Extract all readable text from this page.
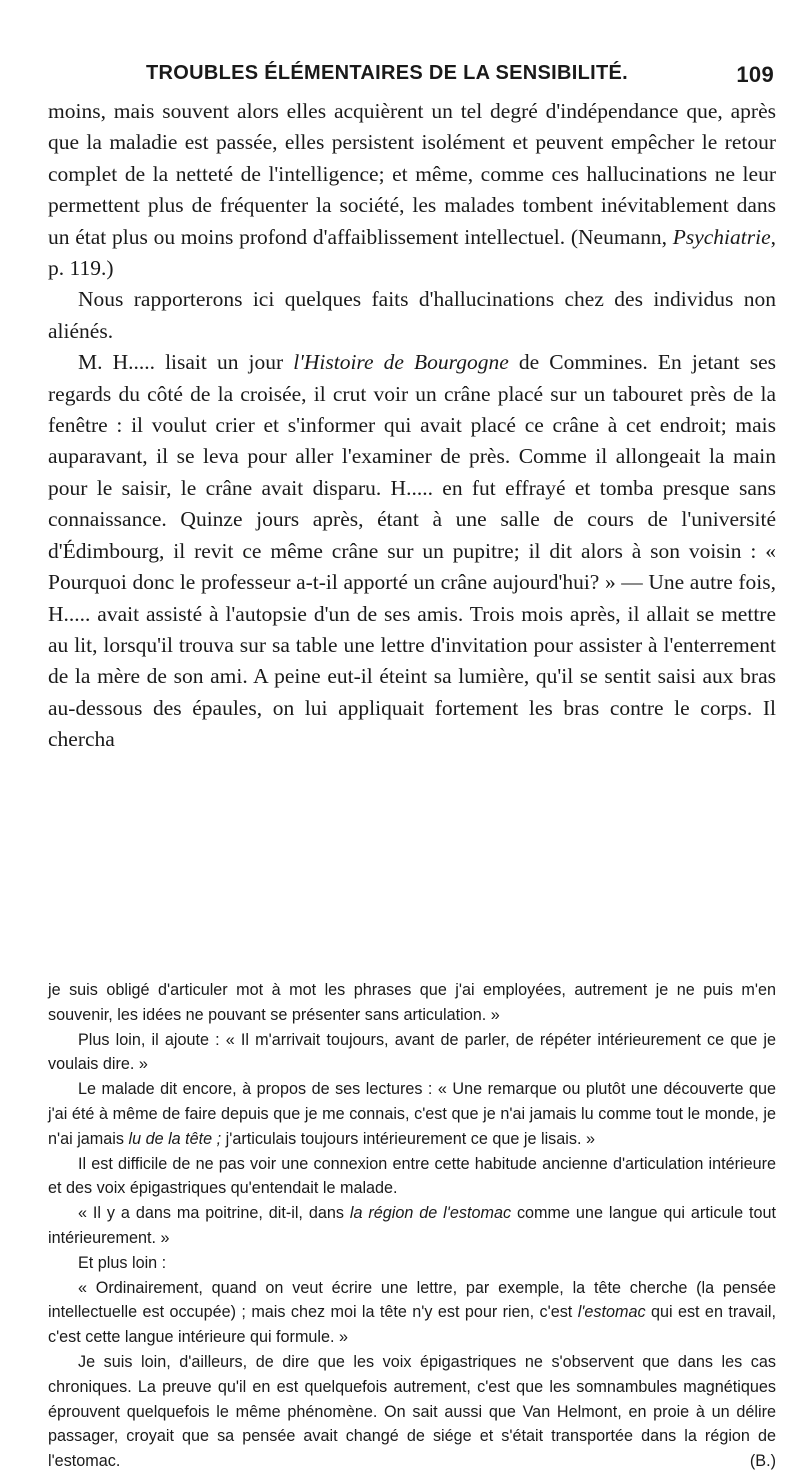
TROUBLES ÉLÉMENTAIRES DE LA SENSIBILITÉ.	109

moins, mais souvent alors elles acquièrent un tel degré d'indépendance que, après que la maladie est passée, elles persistent isolément et peuvent empêcher le retour complet de la netteté de l'intelligence; et même, comme ces hallucinations ne leur permettent plus de fréquenter la société, les malades tombent inévitablement dans un état plus ou moins profond d'affaiblissement intellectuel. (Neumann, Psychiatrie, p. 119.)

Nous rapporterons ici quelques faits d'hallucinations chez des individus non aliénés.

M. H..... lisait un jour l'Histoire de Bourgogne de Commines. En jetant ses regards du côté de la croisée, il crut voir un crâne placé sur un tabouret près de la fenêtre : il voulut crier et s'informer qui avait placé ce crâne à cet endroit; mais auparavant, il se leva pour aller l'examiner de près. Comme il allongeait la main pour le saisir, le crâne avait disparu. H..... en fut effrayé et tomba presque sans connaissance. Quinze jours après, étant à une salle de cours de l'université d'Édimbourg, il revit ce même crâne sur un pupitre; il dit alors à son voisin : « Pourquoi donc le professeur a-t-il apporté un crâne aujourd'hui? » — Une autre fois, H..... avait assisté à l'autopsie d'un de ses amis. Trois mois après, il allait se mettre au lit, lorsqu'il trouva sur sa table une lettre d'invitation pour assister à l'enterrement de la mère de son ami. A peine eut-il éteint sa lumière, qu'il se sentit saisi aux bras au-dessous des épaules, on lui appliquait fortement les bras contre le corps. Il chercha

je suis obligé d'articuler mot à mot les phrases que j'ai employées, autrement je ne puis m'en souvenir, les idées ne pouvant se présenter sans articulation. »

Plus loin, il ajoute : « Il m'arrivait toujours, avant de parler, de répéter intérieurement ce que je voulais dire. »

Le malade dit encore, à propos de ses lectures : « Une remarque ou plutôt une découverte que j'ai été à même de faire depuis que je me connais, c'est que je n'ai jamais lu comme tout le monde, je n'ai jamais lu de la tête ; j'articulais toujours intérieurement ce que je lisais. »

Il est difficile de ne pas voir une connexion entre cette habitude ancienne d'articulation intérieure et des voix épigastriques qu'entendait le malade.

« Il y a dans ma poitrine, dit-il, dans la région de l'estomac comme une langue qui articule tout intérieurement. »

Et plus loin :

« Ordinairement, quand on veut écrire une lettre, par exemple, la tête cherche (la pensée intellectuelle est occupée) ; mais chez moi la tête n'y est pour rien, c'est l'estomac qui est en travail, c'est cette langue intérieure qui formule. »

Je suis loin, d'ailleurs, de dire que les voix épigastriques ne s'observent que dans les cas chroniques. La preuve qu'il en est quelquefois autrement, c'est que les somnambules magnétiques éprouvent quelquefois le même phénomène. On sait aussi que Van Helmont, en proie à un délire passager, croyait que sa pensée avait changé de siége et s'était transportée dans la région de l'estomac.	(B.)
